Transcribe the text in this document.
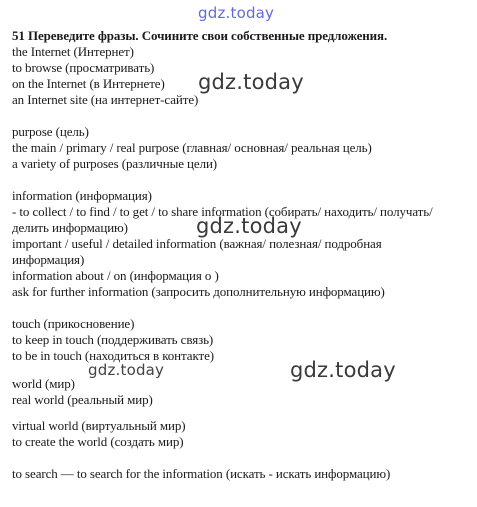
gdz.today
51 Переведите фразы. Сочините свои собственные предложения.
the Internet (Интернет)
to browse (просматривать)
on the Internet (в Интернете)
an Internet site (на интернет-сайте)
purpose (цель)
the main / primary / real purpose (главная/ основная/ реальная цель)
a variety of purposes (различные цели)
information (информация)
- to collect / to find / to get / to share information (собирать/ находить/ получать/
делить информацию)
important / useful / detailed information (важная/ полезная/ подробная
информация)
information about / on (информация о )
ask for further information (запросить дополнительную информацию)
touch (прикосновение)
to keep in touch (поддерживать связь)
to be in touch (находиться в контакте)
world (мир)
real world (реальный мир)
virtual world (виртуальный мир)
to create the world (создать мир)
to search — to search for the information (искать - искать информацию)
gdz.today
gdz.today
gdz.today	gdz.today
